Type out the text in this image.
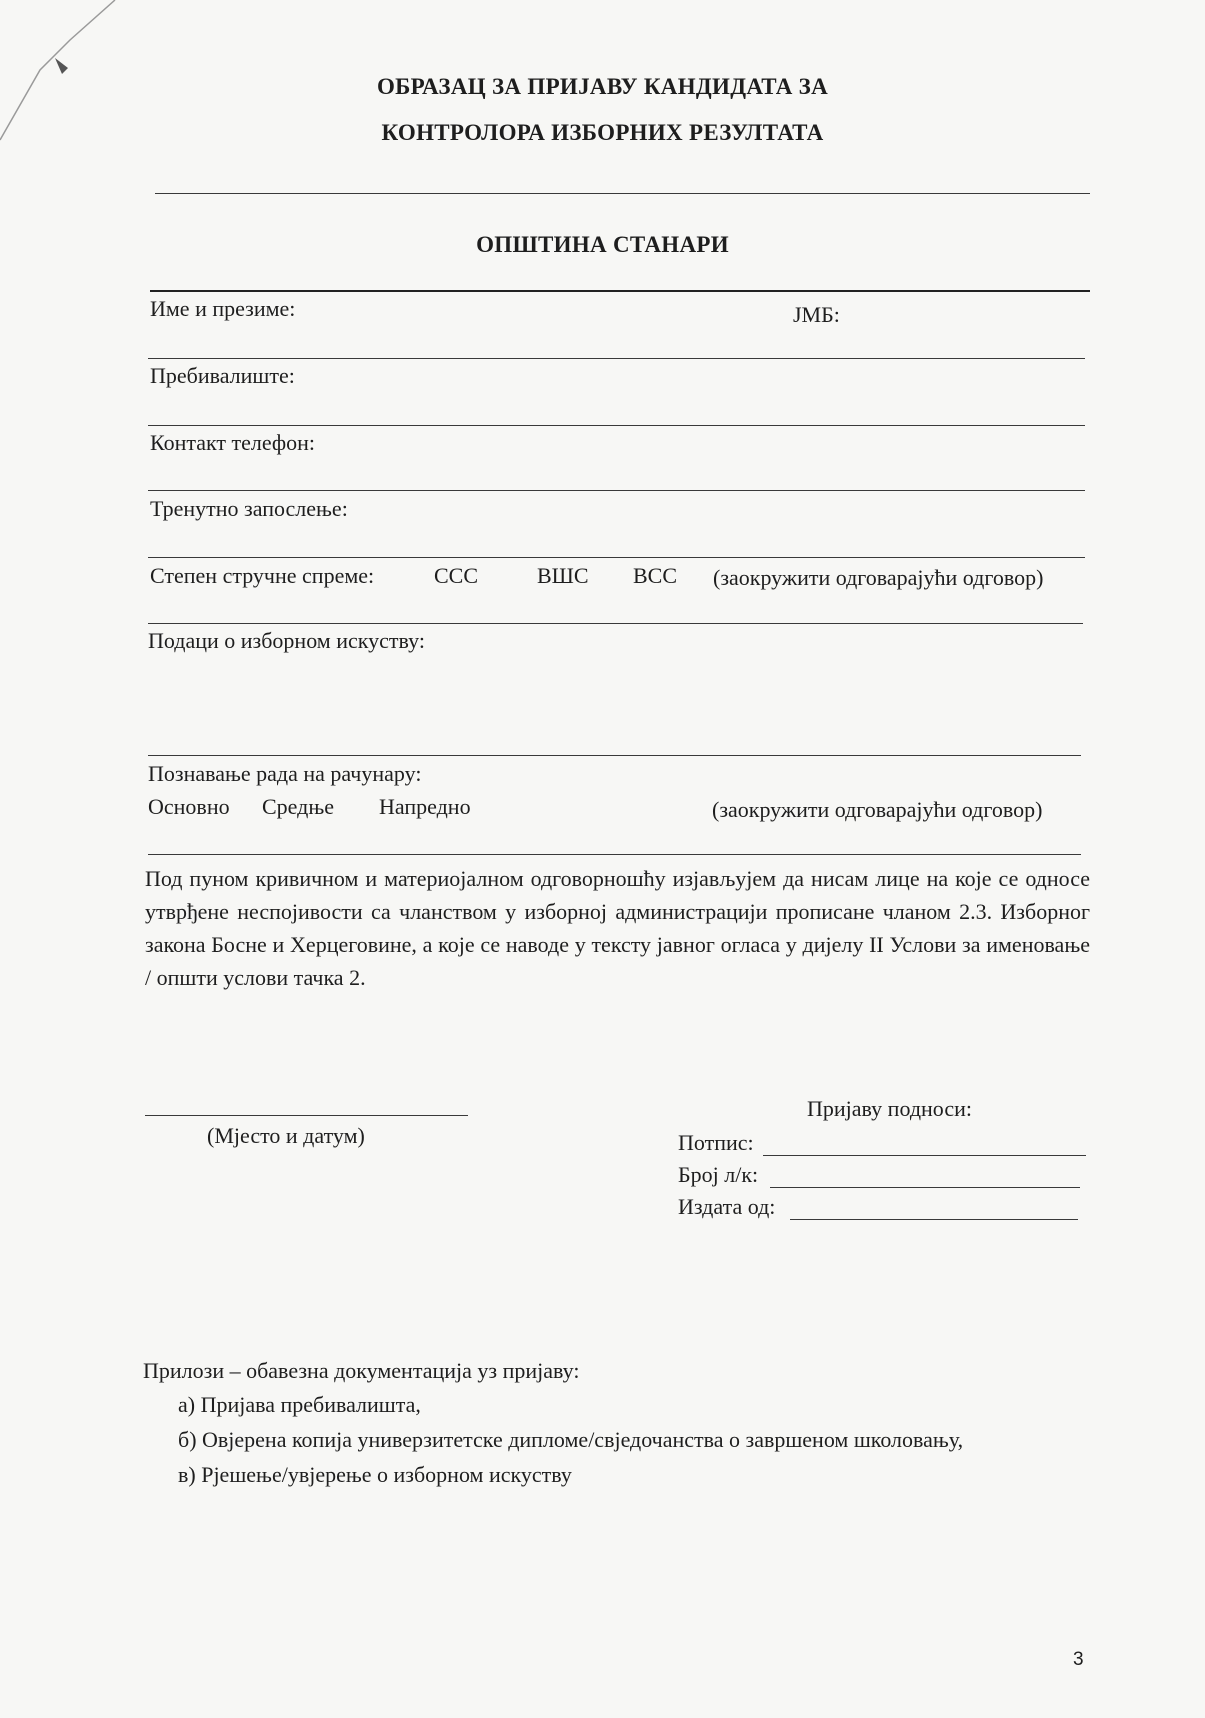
ОБРАЗАЦ ЗА ПРИЈАВУ КАНДИДАТА ЗА
КОНТРОЛОРА ИЗБОРНИХ РЕЗУЛТАТА
ОПШТИНА СТАНАРИ
Име и презиме:	ЈМБ:
Пребивалиште:
Контакт телефон:
Тренутно запослење:
Степен стручне спреме:	ССС	ВШС ВСС (заокружити одговарајући одговор)
Подаци о изборном искуству:
Познавање рада на рачунару:
Основно Средње Напредно	(заокружити одговарајући одговор)

Под пуном кривичном и материојалном одговорношћу изјављујем да нисам лице на које се односе утврђене неспојивости са чланством у изборној администрацији прописане чланом 2.3. Изборног закона Босне и Херцеговине, а које се наводе у тексту јавног огласа у дијелу II Услови за именовање / општи услови тачка 2.

(Мјесто и датум)
Пријаву подноси:
Потпис:
Број л/к:
Издата од:
Прилози – обавезна документација уз пријаву:
а) Пријава пребивалишта,
б) Овјерена копија универзитетске дипломе/свједочанства о завршеном школовању,
в) Рјешење/увјерење о изборном искуству
3
